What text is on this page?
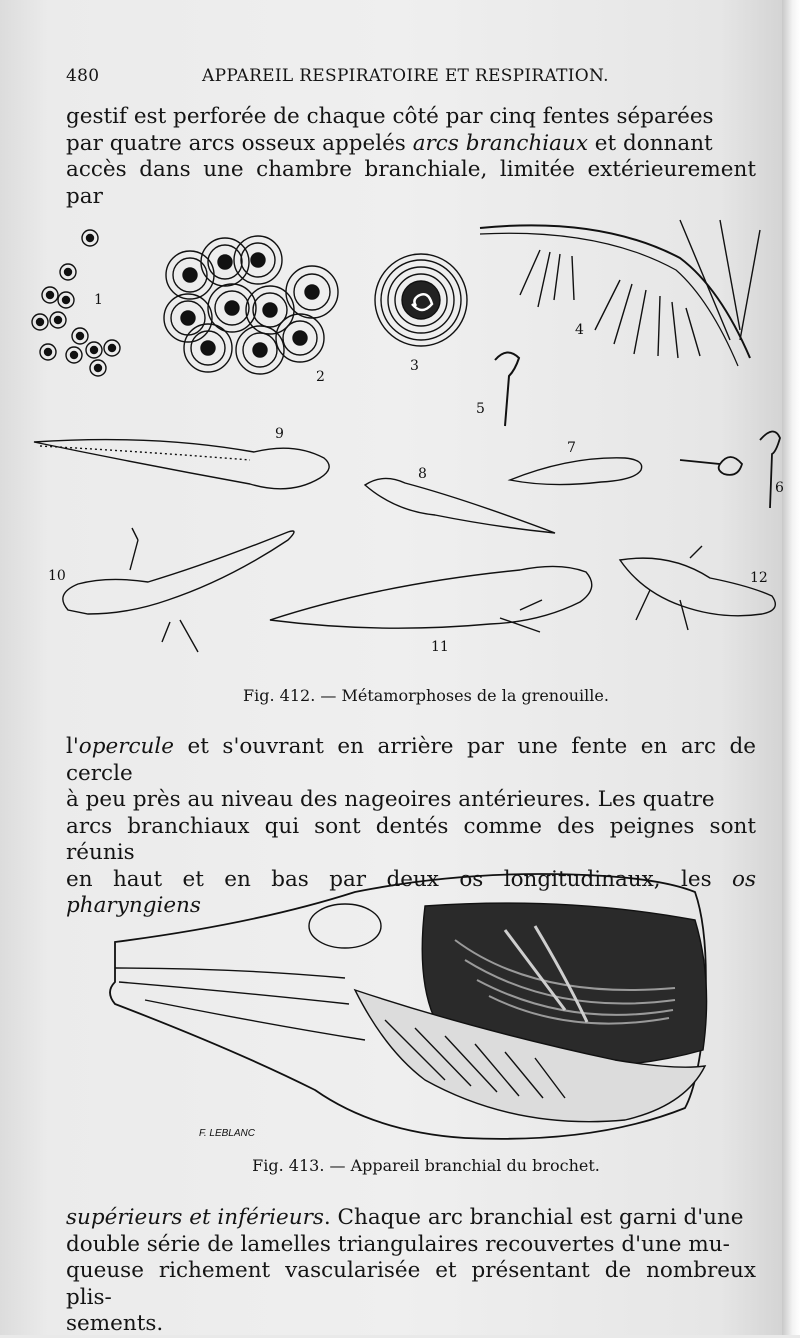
480	APPAREIL RESPIRATOIRE ET RESPIRATION.
gestif est perforée de chaque côté par cinq fentes séparées
par quatre arcs osseux appelés arcs branchiaux et donnant
accès dans une chambre branchiale, limitée extérieurement par
1
2
3
4
5
6
7
8
9
10
11
12
Fig. 412. — Métamorphoses de la grenouille.
l'opercule et s'ouvrant en arrière par une fente en arc de cercle
à peu près au niveau des nageoires antérieures. Les quatre
arcs branchiaux qui sont dentés comme des peignes sont réunis
en haut et en bas par deux os longitudinaux, les os pharyngiens
F. LEBLANC
Fig. 413. — Appareil branchial du brochet.
supérieurs et inférieurs. Chaque arc branchial est garni d'une
double série de lamelles triangulaires recouvertes d'une mu-
queuse richement vascularisée et présentant de nombreux plis-
sements.
